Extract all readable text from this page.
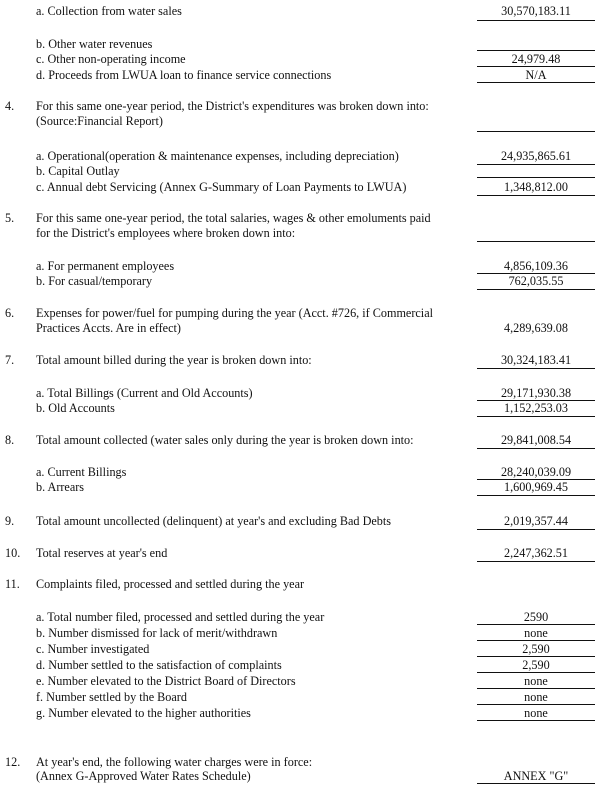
a. Collection from water sales	30,570,183.11
b. Other water revenues
c. Other non-operating income	24,979.48
d. Proceeds from LWUA loan to finance service connections	N/A
4.	For this same one-year period, the District's expenditures was broken down into:
(Source:Financial Report)
a. Operational(operation & maintenance expenses, including depreciation)	24,935,865.61
b. Capital Outlay
c. Annual debt Servicing (Annex G-Summary of Loan Payments to LWUA)	1,348,812.00
5.	For this same one-year period, the total salaries, wages & other emoluments paid
for the District's employees where broken down into:
a. For permanent employees	4,856,109.36
b. For casual/temporary	762,035.55
6.	Expenses for power/fuel for pumping during the year (Acct. #726, if Commercial
Practices Accts. Are in effect)	4,289,639.08
7.	Total amount billed during the year is broken down into:	30,324,183.41
a. Total Billings (Current and Old Accounts)	29,171,930.38
b. Old Accounts	1,152,253.03
8.	Total amount collected (water sales only during the year is broken down into:	29,841,008.54
a. Current Billings	28,240,039.09
b. Arrears	1,600,969.45
9.	Total amount uncollected (delinquent) at year's and excluding Bad Debts	2,019,357.44
10.	Total reserves at year's end	2,247,362.51
11.	Complaints filed, processed and settled during the year
a. Total number filed, processed and settled during the year	2590
b. Number dismissed for lack of merit/withdrawn	none
c. Number investigated	2,590
d. Number settled to the satisfaction of complaints	2,590
e. Number elevated to the District Board of Directors	none
f. Number settled by the Board	none
g. Number elevated to the higher authorities	none
12.	At year's end, the following water charges were in force:
(Annex G-Approved Water Rates Schedule)	ANNEX "G"
